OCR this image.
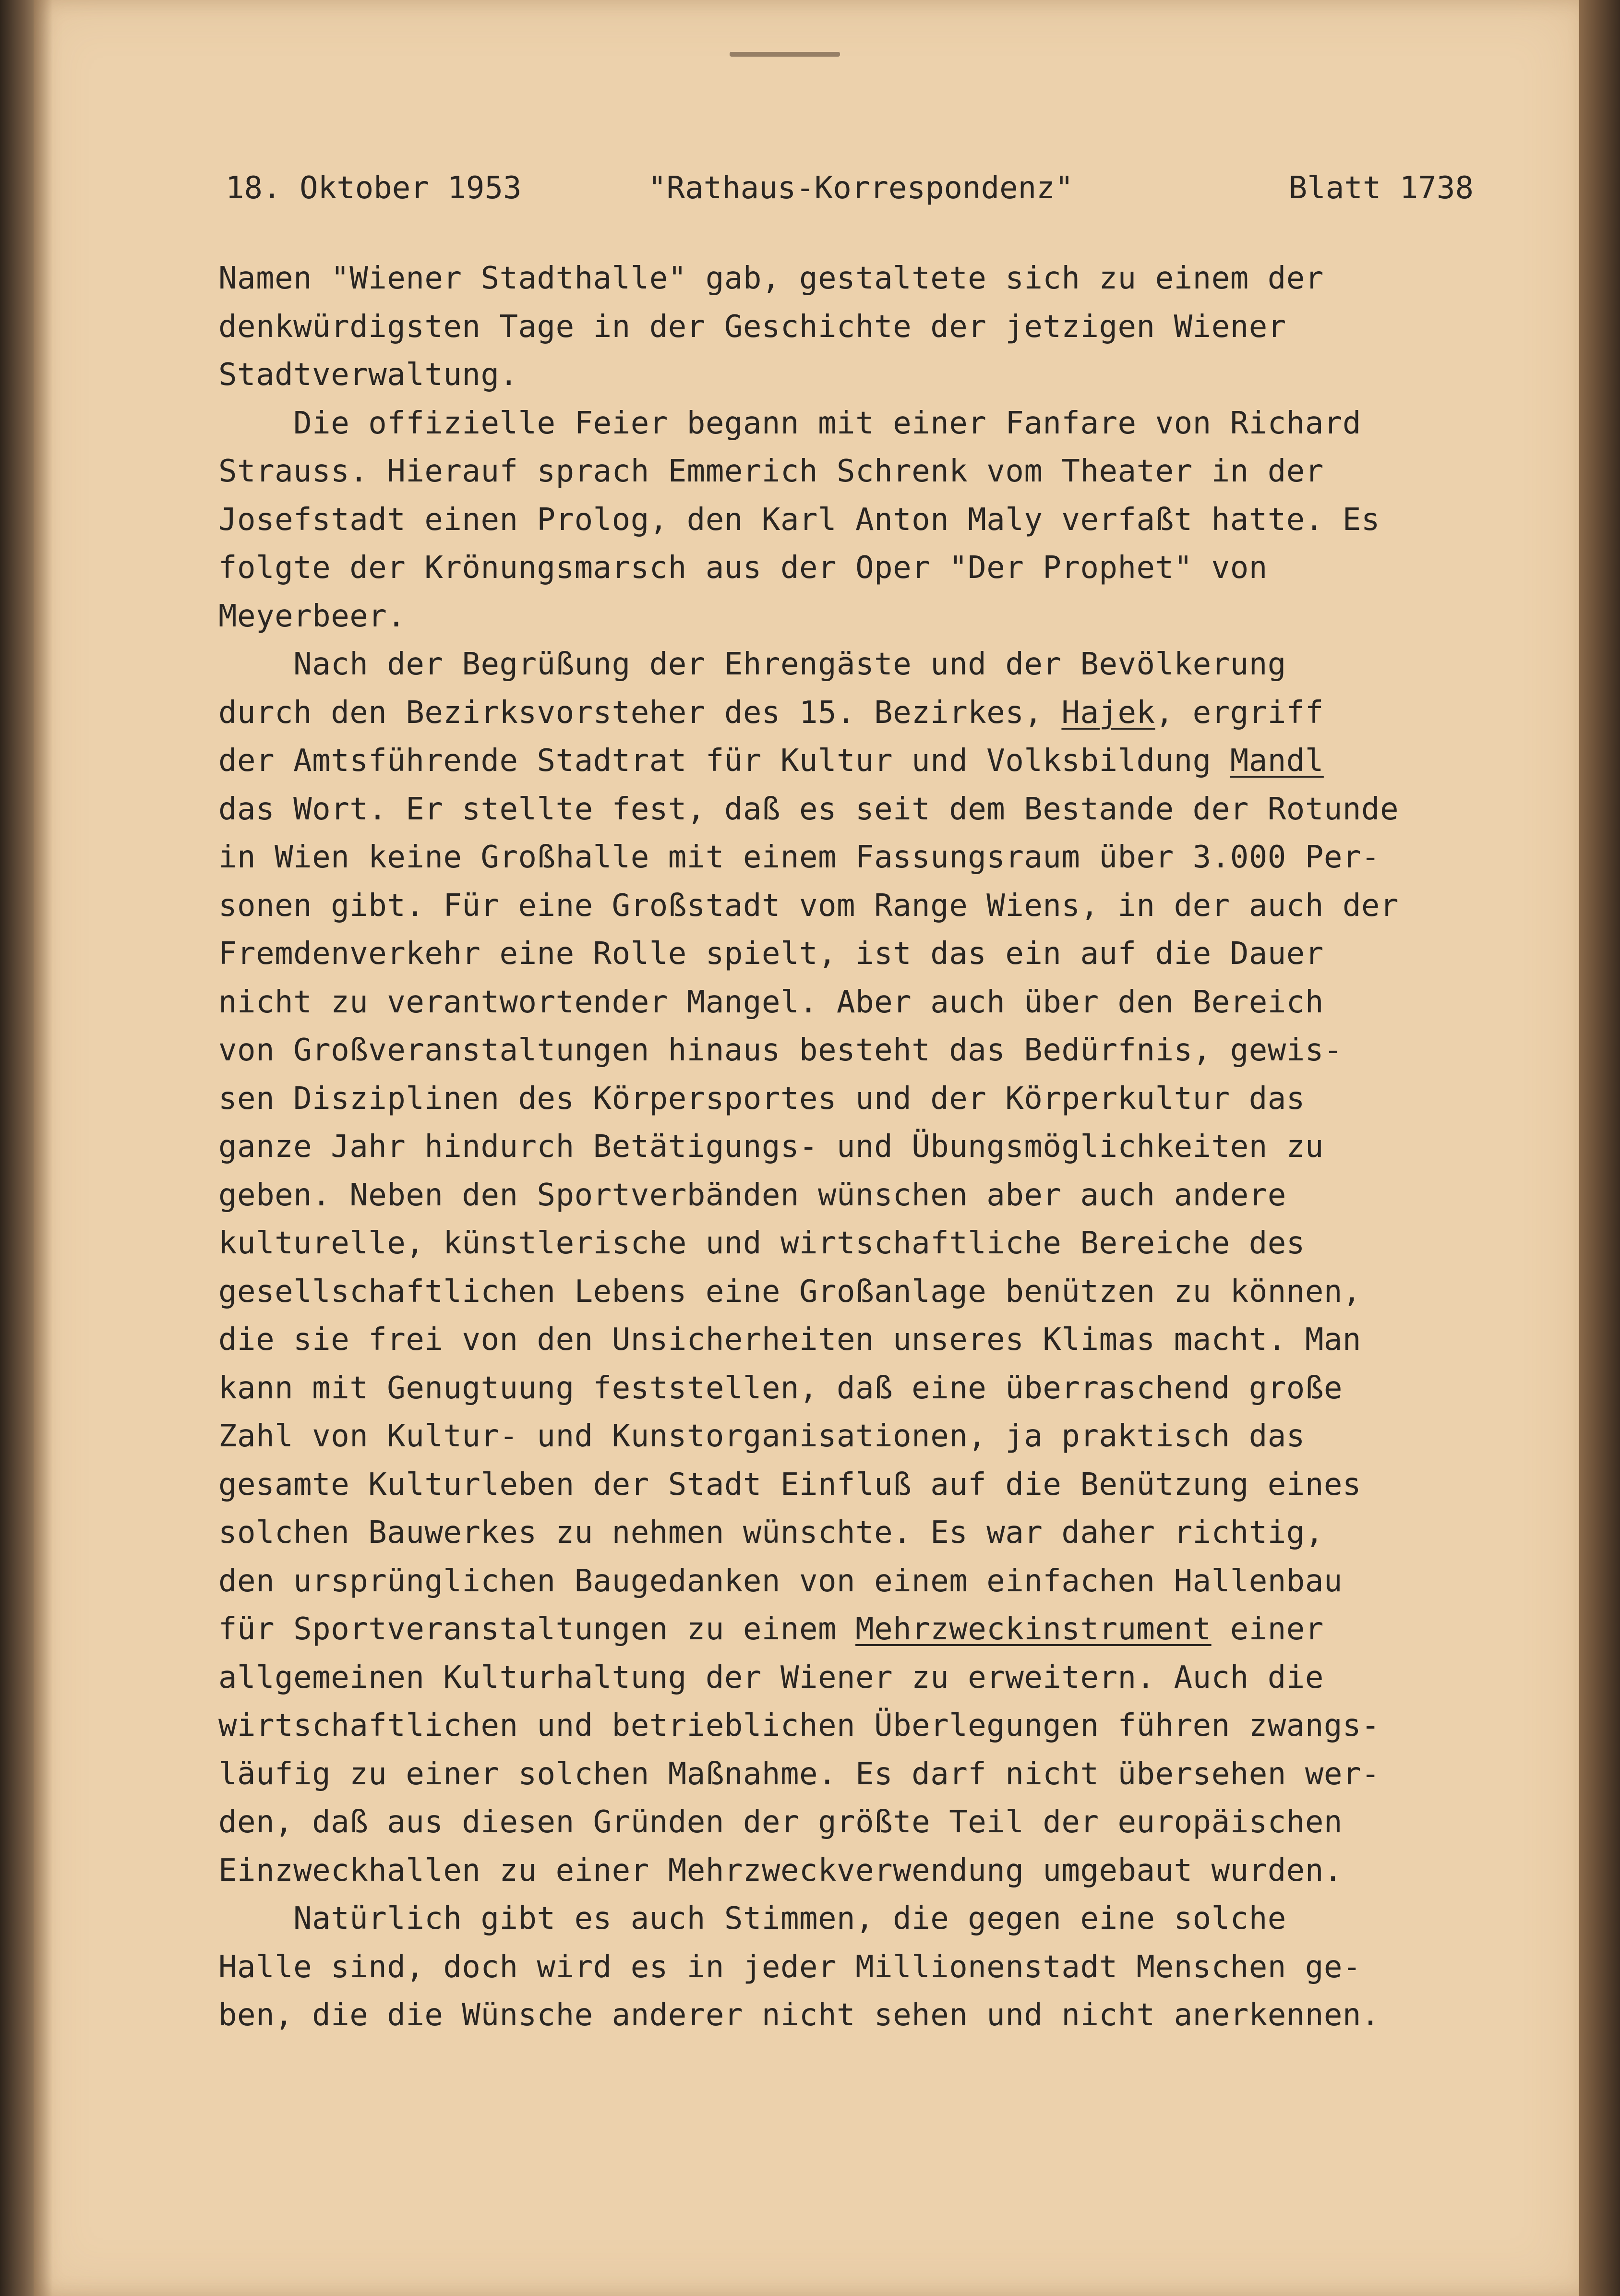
18. Oktober 1953

	"Rathaus-Korrespondenz"

	Blatt 1738

Namen "Wiener Stadthalle" gab, gestaltete sich zu einem der
denkwürdigsten Tage in der Geschichte der jetzigen Wiener
Stadtverwaltung.
Die offizielle Feier begann mit einer Fanfare von Richard
Strauss. Hierauf sprach Emmerich Schrenk vom Theater in der
Josefstadt einen Prolog, den Karl Anton Maly verfaßt hatte. Es
folgte der Krönungsmarsch aus der Oper "Der Prophet" von
Meyerbeer.
Nach der Begrüßung der Ehrengäste und der Bevölkerung
durch den Bezirksvorsteher des 15. Bezirkes, Hajek, ergriff
der Amtsführende Stadtrat für Kultur und Volksbildung Mandl
das Wort. Er stellte fest, daß es seit dem Bestande der Rotunde
in Wien keine Großhalle mit einem Fassungsraum über 3.000 Per-
sonen gibt. Für eine Großstadt vom Range Wiens, in der auch der
Fremdenverkehr eine Rolle spielt, ist das ein auf die Dauer
nicht zu verantwortender Mangel. Aber auch über den Bereich
von Großveranstaltungen hinaus besteht das Bedürfnis, gewis-
sen Disziplinen des Körpersportes und der Körperkultur das
ganze Jahr hindurch Betätigungs- und Übungsmöglichkeiten zu
geben. Neben den Sportverbänden wünschen aber auch andere
kulturelle, künstlerische und wirtschaftliche Bereiche des
gesellschaftlichen Lebens eine Großanlage benützen zu können,
die sie frei von den Unsicherheiten unseres Klimas macht. Man
kann mit Genugtuung feststellen, daß eine überraschend große
Zahl von Kultur- und Kunstorganisationen, ja praktisch das
gesamte Kulturleben der Stadt Einfluß auf die Benützung eines
solchen Bauwerkes zu nehmen wünschte. Es war daher richtig,
den ursprünglichen Baugedanken von einem einfachen Hallenbau
für Sportveranstaltungen zu einem Mehrzweckinstrument einer
allgemeinen Kulturhaltung der Wiener zu erweitern. Auch die
wirtschaftlichen und betrieblichen Überlegungen führen zwangs-
läufig zu einer solchen Maßnahme. Es darf nicht übersehen wer-
den, daß aus diesen Gründen der größte Teil der europäischen
Einzweckhallen zu einer Mehrzweckverwendung umgebaut wurden.
Natürlich gibt es auch Stimmen, die gegen eine solche
Halle sind, doch wird es in jeder Millionenstadt Menschen ge-
ben, die die Wünsche anderer nicht sehen und nicht anerkennen.
